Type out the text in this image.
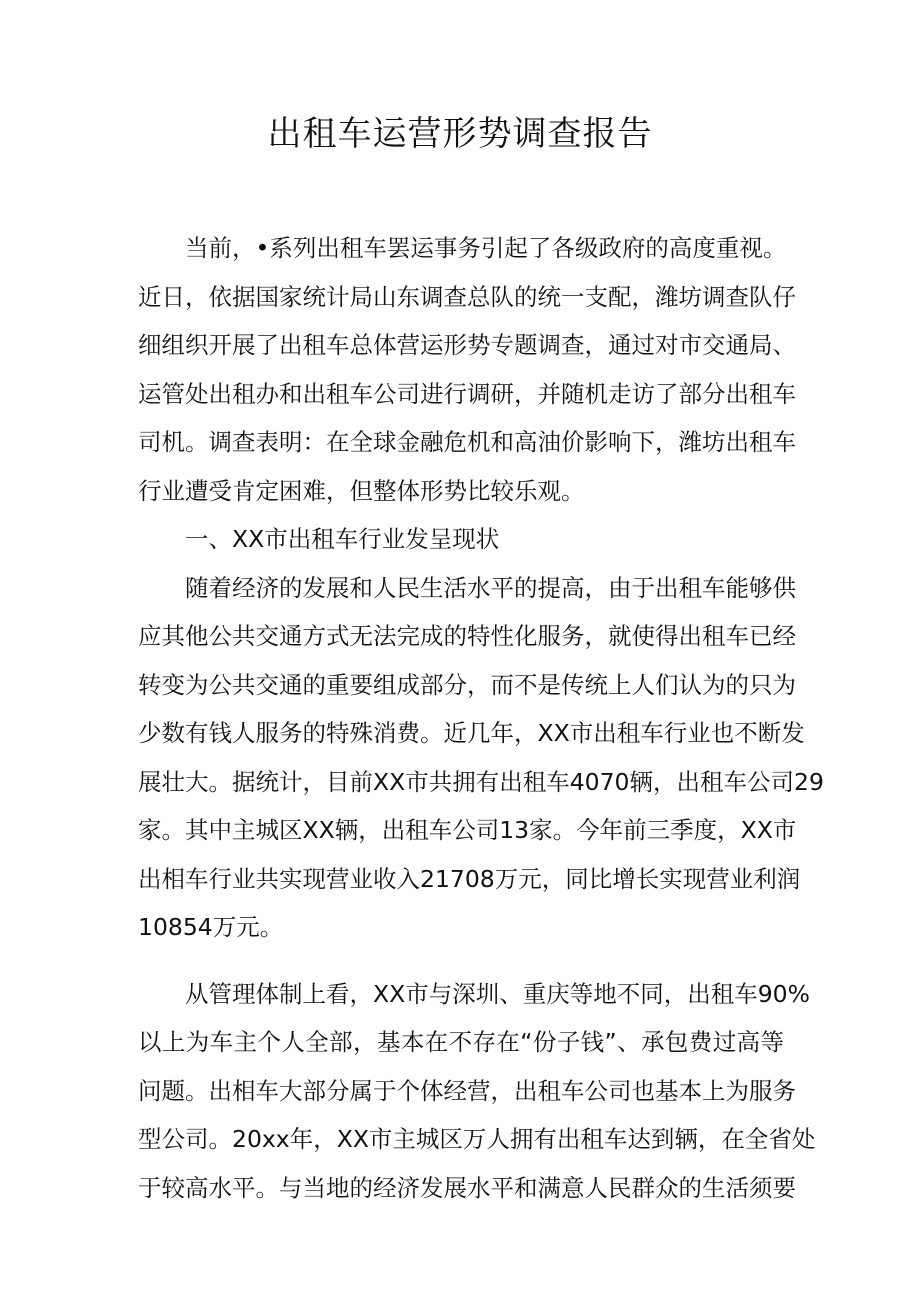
出租车运营形势调查报告
当前，•系列出租车罢运事务引起了各级政府的高度重视。
近日，依据国家统计局山东调查总队的统一支配，潍坊调查队仔
细组织开展了出租车总体营运形势专题调查，通过对市交通局、
运管处出租办和出租车公司进行调研，并随机走访了部分出租车
司机。调查表明：在全球金融危机和高油价影响下，潍坊出租车
行业遭受肯定困难，但整体形势比较乐观。
一、XX市出租车行业发呈现状
随着经济的发展和人民生活水平的提高，由于出租车能够供
应其他公共交通方式无法完成的特性化服务，就使得出租车已经
转变为公共交通的重要组成部分，而不是传统上人们认为的只为
少数有钱人服务的特殊消费。近几年，XX市出租车行业也不断发
展壮大。据统计，目前XX市共拥有出租车4070辆，出租车公司29
家。其中主城区XX辆，出租车公司13家。今年前三季度，XX市
出相车行业共实现营业收入21708万元，同比增长实现营业利润
10854万元。
从管理体制上看，XX市与深圳、重庆等地不同，出租车90%
以上为车主个人全部，基本在不存在“份子钱”、承包费过高等
问题。出相车大部分属于个体经营，出租车公司也基本上为服务
型公司。20xx年，XX市主城区万人拥有出租车达到辆，在全省处
于较高水平。与当地的经济发展水平和满意人民群众的生活须要
